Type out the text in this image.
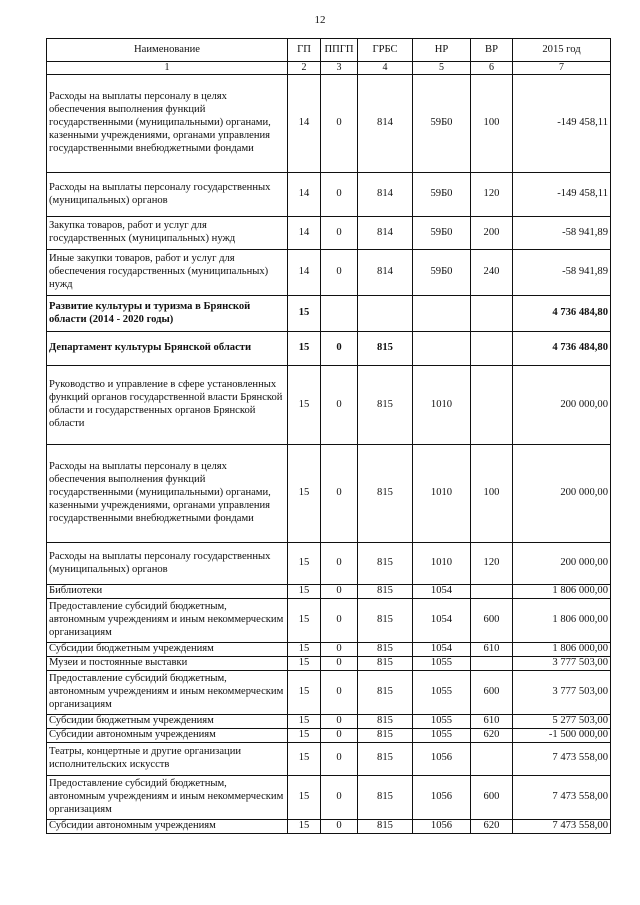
12
Наименование	ГП	ППГП	ГРБС	НР	ВР	2015 год
1	2	3	4	5	6	7
Расходы на выплаты персоналу в целях обеспечения выполнения функций государственными (муниципальными) органами, казенными учреждениями, органами управления государственными внебюджетными фондами	14	0	814	59Б0	100	-149 458,11
Расходы на выплаты персоналу государственных (муниципальных) органов	14	0	814	59Б0	120	-149 458,11
Закупка товаров, работ и услуг для государственных (муниципальных) нужд	14	0	814	59Б0	200	-58 941,89
Иные закупки товаров, работ и услуг для обеспечения государственных (муниципальных) нужд	14	0	814	59Б0	240	-58 941,89
Развитие культуры и туризма в Брянской области (2014 - 2020 годы)	15					4 736 484,80
Департамент культуры Брянской области	15	0	815			4 736 484,80
Руководство и управление в сфере установленных функций органов государственной власти Брянской области и государственных органов Брянской области	15	0	815	1010		200 000,00
Расходы на выплаты персоналу в целях обеспечения выполнения функций государственными (муниципальными) органами, казенными учреждениями, органами управления государственными внебюджетными фондами	15	0	815	1010	100	200 000,00
Расходы на выплаты персоналу государственных (муниципальных) органов	15	0	815	1010	120	200 000,00
Библиотеки	15	0	815	1054		1 806 000,00
Предоставление субсидий бюджетным, автономным учреждениям и иным некоммерческим организациям	15	0	815	1054	600	1 806 000,00
Субсидии бюджетным учреждениям	15	0	815	1054	610	1 806 000,00
Музеи и постоянные выставки	15	0	815	1055		3 777 503,00
Предоставление субсидий бюджетным, автономным учреждениям и иным некоммерческим организациям	15	0	815	1055	600	3 777 503,00
Субсидии бюджетным учреждениям	15	0	815	1055	610	5 277 503,00
Субсидии автономным учреждениям	15	0	815	1055	620	-1 500 000,00
Театры, концертные и другие организации исполнительских искусств	15	0	815	1056		7 473 558,00
Предоставление субсидий бюджетным, автономным учреждениям и иным некоммерческим организациям	15	0	815	1056	600	7 473 558,00
Субсидии автономным учреждениям	15	0	815	1056	620	7 473 558,00
